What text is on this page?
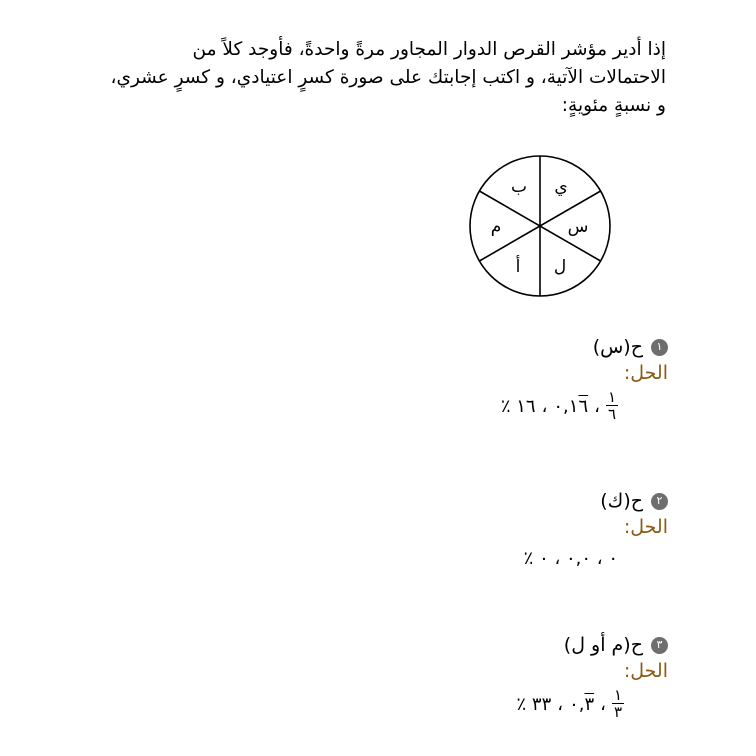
إذا أدير مؤشر القرص الدوار المجاور مرةً واحدةً، فأوجد كلاً من الاحتمالات الآتية، و اكتب إجابتك على صورة كسرٍ اعتيادي، و كسرٍ عشري، و نسبةٍ مئويةٍ:

ي
س
ل
أ
م
ب
١
ح(س)
الحل:
$\frac{١}{٦}$
،
٠,١٦
،
١٦ ٪
٢
ح(ك)
الحل:
٠ ، ٠,٠ ، ٠ ٪
٣
ح(م أو ل)
الحل:
$\frac{١}{٣}$
،
٠,٣
،
٣٣ ٪
